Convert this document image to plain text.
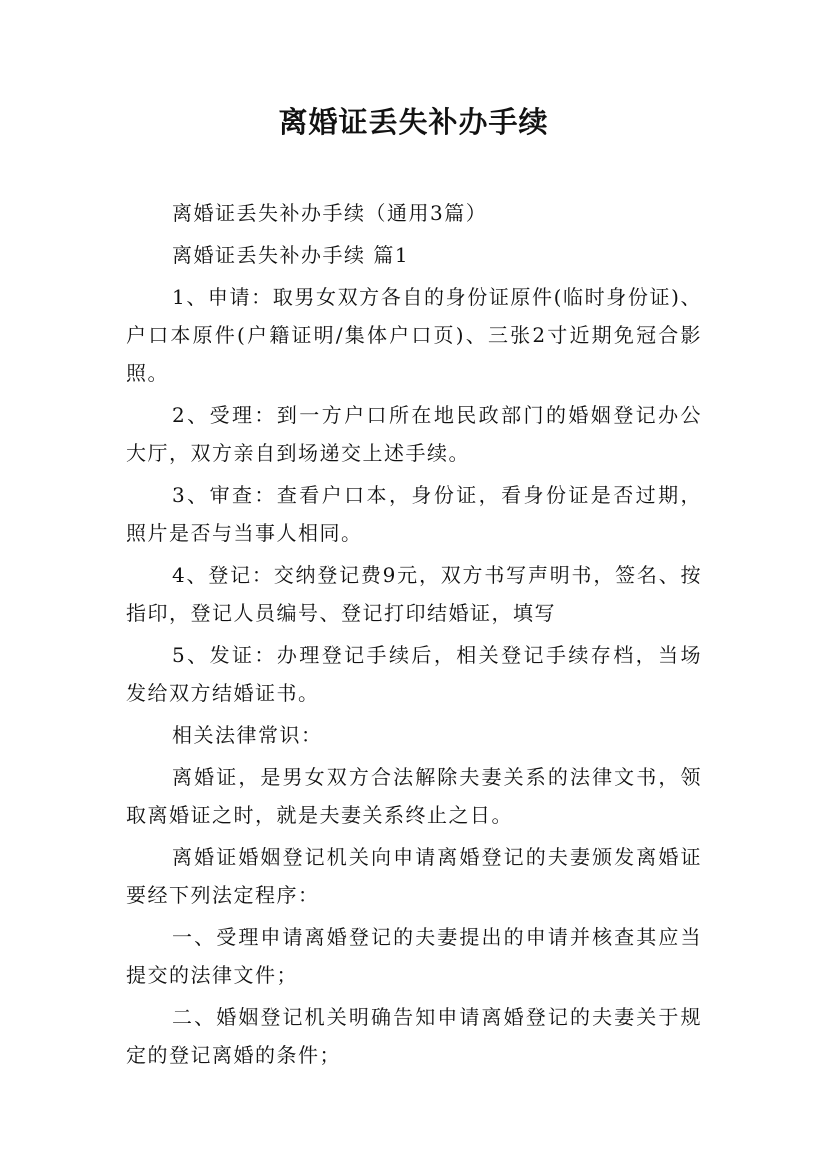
离婚证丢失补办手续

离婚证丢失补办手续（通用3篇）

离婚证丢失补办手续 篇1

1、申请：取男女双方各自的身份证原件(临时身份证)、户口本原件(户籍证明/集体户口页)、三张2寸近期免冠合影照。

2、受理：到一方户口所在地民政部门的婚姻登记办公大厅，双方亲自到场递交上述手续。

3、审查：查看户口本，身份证，看身份证是否过期，照片是否与当事人相同。

4、登记：交纳登记费9元，双方书写声明书，签名、按指印，登记人员编号、登记打印结婚证，填写

5、发证：办理登记手续后，相关登记手续存档，当场发给双方结婚证书。

相关法律常识：

离婚证，是男女双方合法解除夫妻关系的法律文书，领取离婚证之时，就是夫妻关系终止之日。

离婚证婚姻登记机关向申请离婚登记的夫妻颁发离婚证要经下列法定程序：

一、受理申请离婚登记的夫妻提出的申请并核查其应当提交的法律文件；

二、婚姻登记机关明确告知申请离婚登记的夫妻关于规定的登记离婚的条件；
